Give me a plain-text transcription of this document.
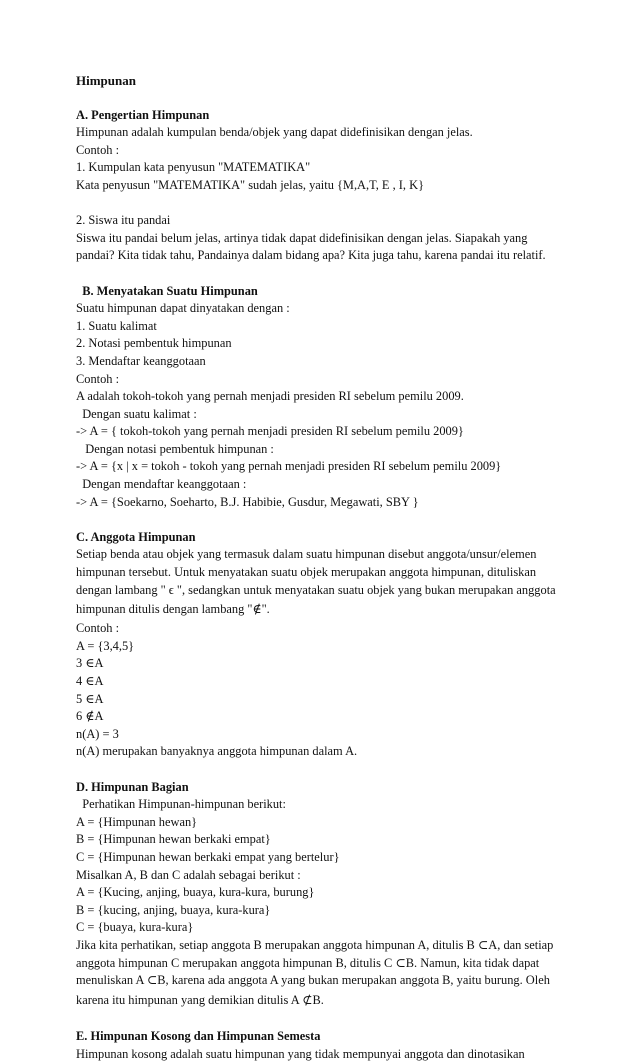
Himpunan
A. Pengertian Himpunan
Himpunan adalah kumpulan benda/objek yang dapat didefinisikan dengan jelas.
Contoh :
1. Kumpulan kata penyusun "MATEMATIKA"
Kata penyusun "MATEMATIKA" sudah jelas, yaitu {M,A,T, E , I, K}
2. Siswa itu pandai
Siswa itu pandai belum jelas, artinya tidak dapat didefinisikan dengan jelas. Siapakah yang
pandai? Kita tidak tahu, Pandainya dalam bidang apa? Kita juga tahu, karena pandai itu relatif.
B. Menyatakan Suatu Himpunan
Suatu himpunan dapat dinyatakan dengan :
1. Suatu kalimat
2. Notasi pembentuk himpunan
3. Mendaftar keanggotaan
Contoh :
A adalah tokoh-tokoh yang pernah menjadi presiden RI sebelum pemilu 2009.
Dengan suatu kalimat :
-> A = { tokoh-tokoh yang pernah menjadi presiden RI sebelum pemilu 2009}
Dengan notasi pembentuk himpunan :
-> A = {x | x = tokoh - tokoh yang pernah menjadi presiden RI sebelum pemilu 2009}
Dengan mendaftar keanggotaan :
-> A = {Soekarno, Soeharto, B.J. Habibie, Gusdur, Megawati, SBY }
C. Anggota Himpunan
Setiap benda atau objek yang termasuk dalam suatu himpunan disebut anggota/unsur/elemen
himpunan tersebut. Untuk menyatakan suatu objek merupakan anggota himpunan, dituliskan
dengan lambang " ϵ ", sedangkan untuk menyatakan suatu objek yang bukan merupakan anggota
himpunan ditulis dengan lambang "∉".
Contoh :
A = {3,4,5}
3 ∈A
4 ∈A
5 ∈A
6 ∉A
n(A) = 3
n(A) merupakan banyaknya anggota himpunan dalam A.
D. Himpunan Bagian
Perhatikan Himpunan-himpunan berikut:
A = {Himpunan hewan}
B = {Himpunan hewan berkaki empat}
C = {Himpunan hewan berkaki empat yang bertelur}
Misalkan A, B dan C adalah sebagai berikut :
A = {Kucing, anjing, buaya, kura-kura, burung}
B = {kucing, anjing, buaya, kura-kura}
C = {buaya, kura-kura}
Jika kita perhatikan, setiap anggota B merupakan anggota himpunan A, ditulis B ⊂A, dan setiap
anggota himpunan C merupakan anggota himpunan B, ditulis C ⊂B. Namun, kita tidak dapat
menuliskan A ⊂B, karena ada anggota A yang bukan merupakan anggota B, yaitu burung. Oleh
karena itu himpunan yang demikian ditulis A ⊄B.
E. Himpunan Kosong dan Himpunan Semesta
Himpunan kosong adalah suatu himpunan yang tidak mempunyai anggota dan dinotasikan
